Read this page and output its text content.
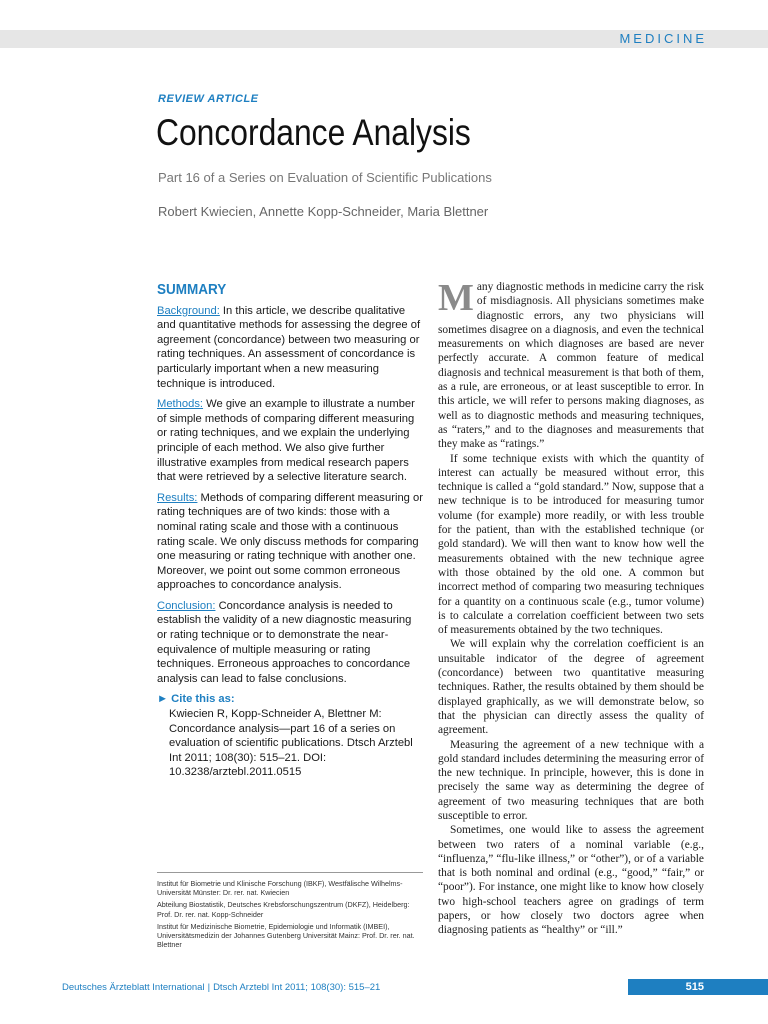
MEDICINE
REVIEW ARTICLE
Concordance Analysis
Part 16 of a Series on Evaluation of Scientific Publications
Robert Kwiecien, Annette Kopp-Schneider, Maria Blettner
SUMMARY

Background: In this article, we describe qualitative and quantitative methods for assessing the degree of agreement (concordance) between two measuring or rating techniques. An assessment of concordance is particularly important when a new measuring technique is introduced.

Methods: We give an example to illustrate a number of simple methods of comparing different measuring or rating techniques, and we explain the underlying principle of each method. We also give further illustrative examples from medical research papers that were retrieved by a selective literature search.

Results: Methods of comparing different measuring or rating techniques are of two kinds: those with a nominal rating scale and those with a continuous rating scale. We only discuss methods for comparing one measuring or rating technique with another one. Moreover, we point out some common erroneous approaches to concordance analysis.

Conclusion: Concordance analysis is needed to establish the validity of a new diagnostic measuring or rating technique or to demonstrate the near-equivalence of multiple measuring or rating techniques. Erroneous approaches to concordance analysis can lead to false conclusions.

► Cite this as:
Kwiecien R, Kopp-Schneider A, Blettner M: Concordance analysis—part 16 of a series on evaluation of scientific publications. Dtsch Arztebl Int 2011; 108(30): 515–21. DOI: 10.3238/arztebl.2011.0515

Institut für Biometrie und Klinische Forschung (IBKF), Westfälische Wilhelms-Universität Münster: Dr. rer. nat. Kwiecien

Abteilung Biostatistik, Deutsches Krebsforschungszentrum (DKFZ), Heidelberg: Prof. Dr. rer. nat. Kopp-Schneider

Institut für Medizinische Biometrie, Epidemiologie und Informatik (IMBEI), Universitätsmedizin der Johannes Gutenberg Universität Mainz: Prof. Dr. rer. nat. Blettner

Many diagnostic methods in medicine carry the risk of misdiagnosis. All physicians sometimes make diagnostic errors, any two physicians will sometimes disagree on a diagnosis, and even the technical measurements on which diagnoses are based are never perfectly accurate. A common feature of medical diagnosis and technical measurement is that both of them, as a rule, are erroneous, or at least susceptible to error. In this article, we will refer to persons making diagnoses, as well as to diagnostic methods and measuring techniques, as “raters,” and to the diagnoses and measurements that they make as “ratings.”

If some technique exists with which the quantity of interest can actually be measured without error, this technique is called a “gold standard.” Now, suppose that a new technique is to be introduced for measuring tumor volume (for example) more readily, or with less trouble for the patient, than with the established technique (or gold standard). We will then want to know how well the measurements obtained with the new technique agree with those obtained by the old one. A common but incorrect method of comparing two measuring techniques for a quantity on a continuous scale (e.g., tumor volume) is to calculate a correlation coefficient between two sets of measurements obtained by the two techniques.

We will explain why the correlation coefficient is an unsuitable indicator of the degree of agreement (concordance) between two quantitative measuring techniques. Rather, the results obtained by them should be displayed graphically, as we will demonstrate below, so that the physician can directly assess the quality of agreement.

Measuring the agreement of a new technique with a gold standard includes determining the measuring error of the new technique. In principle, however, this is done in precisely the same way as determining the degree of agreement of two measuring techniques that are both susceptible to error.

Sometimes, one would like to assess the agreement between two raters of a nominal variable (e.g., “influenza,” “flu-like illness,” or “other”), or of a variable that is both nominal and ordinal (e.g., “good,” “fair,” or “poor”). For instance, one might like to know how closely two high-school teachers agree on gradings of term papers, or how closely two doctors agree when diagnosing patients as “healthy” or “ill.”

Deutsches Ärzteblatt International | Dtsch Arztebl Int 2011; 108(30): 515–21	515
